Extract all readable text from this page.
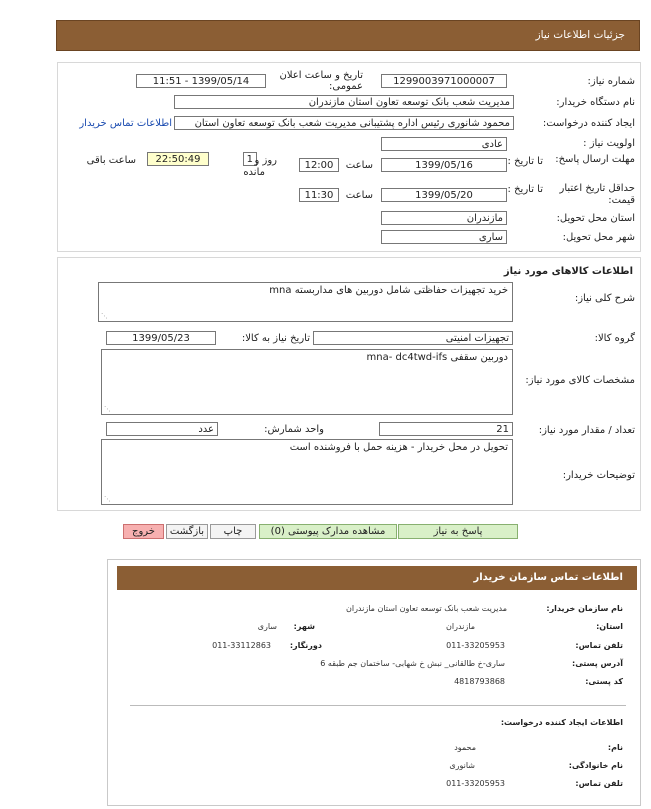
جزئیات اطلاعات نیاز
شماره نیاز:
1299003971000007
تاریخ و ساعت اعلان عمومی:
1399/05/14 - 11:51
نام دستگاه خریدار:
مدیریت شعب بانک توسعه تعاون استان مازندران
ایجاد کننده درخواست:
محمود شانوری رئیس اداره پشتیبانی مدیریت شعب بانک توسعه تعاون استان
اطلاعات تماس خریدار
اولویت نیاز :
عادی
مهلت ارسال پاسخ:
تا تاریخ :
1399/05/16
ساعت
12:00
1 روز و
مانده
22:50:49
ساعت باقی
حداقل تاریخ اعتبار قیمت:
تا تاریخ :
1399/05/20
ساعت
11:30
استان محل تحویل:
مازندران
شهر محل تحویل:
ساری
اطلاعات کالاهای مورد نیاز
شرح کلی نیاز:
خرید تجهیزات حفاظتی شامل دوربین های مداربسته mna
⋰
گروه کالا:
تجهیزات امنیتی
تاریخ نیاز به کالا:
1399/05/23
مشخصات کالای مورد نیاز:
دوربین سقفی mna- dc4twd-ifs
⋰
تعداد / مقدار مورد نیاز:
21
واحد شمارش:
عدد
توضیحات خریدار:
تحویل در محل خریدار - هزینه حمل با فروشنده است
⋰
پاسخ به نیاز
مشاهده مدارک پیوستی (0)
چاپ
بازگشت
خروج
اطلاعات تماس سازمان خریدار
نام سازمان خریدار:
مدیریت شعب بانک توسعه تعاون استان مازندران
استان:
مازندران
شهر:
ساری
تلفن تماس:
011-33205953
دورنگار:
011-33112863
آدرس پستی:
ساری-خ طالقانی_ نبش خ شهابی- ساختمان جم طبقه 6
کد پستی:
4818793868
اطلاعات ایجاد کننده درخواست:
نام:
محمود
نام خانوادگی:
شانوری
تلفن تماس:
011-33205953
